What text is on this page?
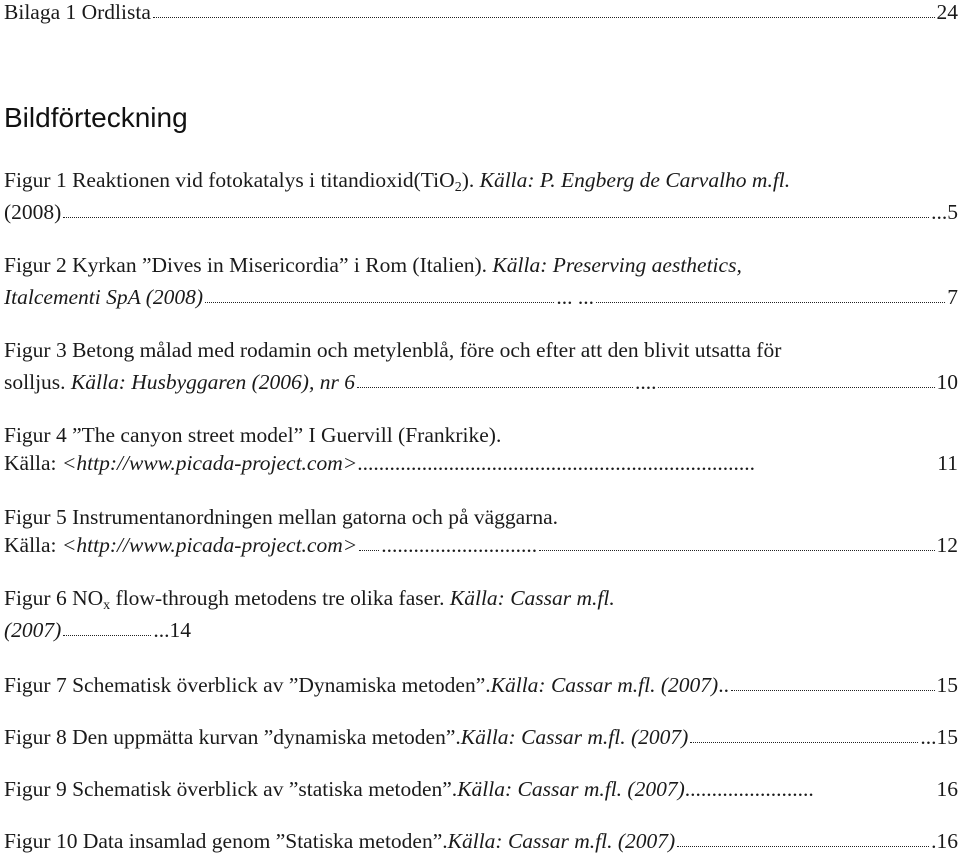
Bilaga 1 Ordlista	24
Bildförteckning
Figur 1 Reaktionen vid fotokatalys i titandioxid(TiO$_2$). Källa: P. Engberg de Carvalho m.fl.
(2008)	... 5
Figur 2 Kyrkan ”Dives in Misericordia” i Rom (Italien). Källa: Preserving aesthetics,
Italcementi SpA (2008)	... ...	7
Figur 3 Betong målad med rodamin och metylenblå, före och efter att den blivit utsatta för
solljus.
Källa: Husbyggaren (2006), nr 6	....	10
Figur 4 ”The canyon street model” I Guervill (Frankrike).
Källa:
<http://www.picada-project.com> ..........................................................................	11
Figur 5 Instrumentanordningen mellan gatorna och på väggarna.
Källa:
<http://www.picada-project.com> .............................	12
Figur 6 $NO_x$ flow-through metodens tre olika faser. Källa: Cassar m.fl.
(2007)	... 14
Figur 7 Schematisk överblick av ”Dynamiska metoden”. Källa: Cassar m.fl. (2007) ..	15
Figur 8 Den uppmätta kurvan ”dynamiska metoden”. Källa: Cassar m.fl. (2007)	... 15
Figur 9 Schematisk överblick av ”statiska metoden”. Källa: Cassar m.fl. (2007) ........................	16
Figur 10 Data insamlad genom ”Statiska metoden”. Källa: Cassar m.fl. (2007)	. 16
